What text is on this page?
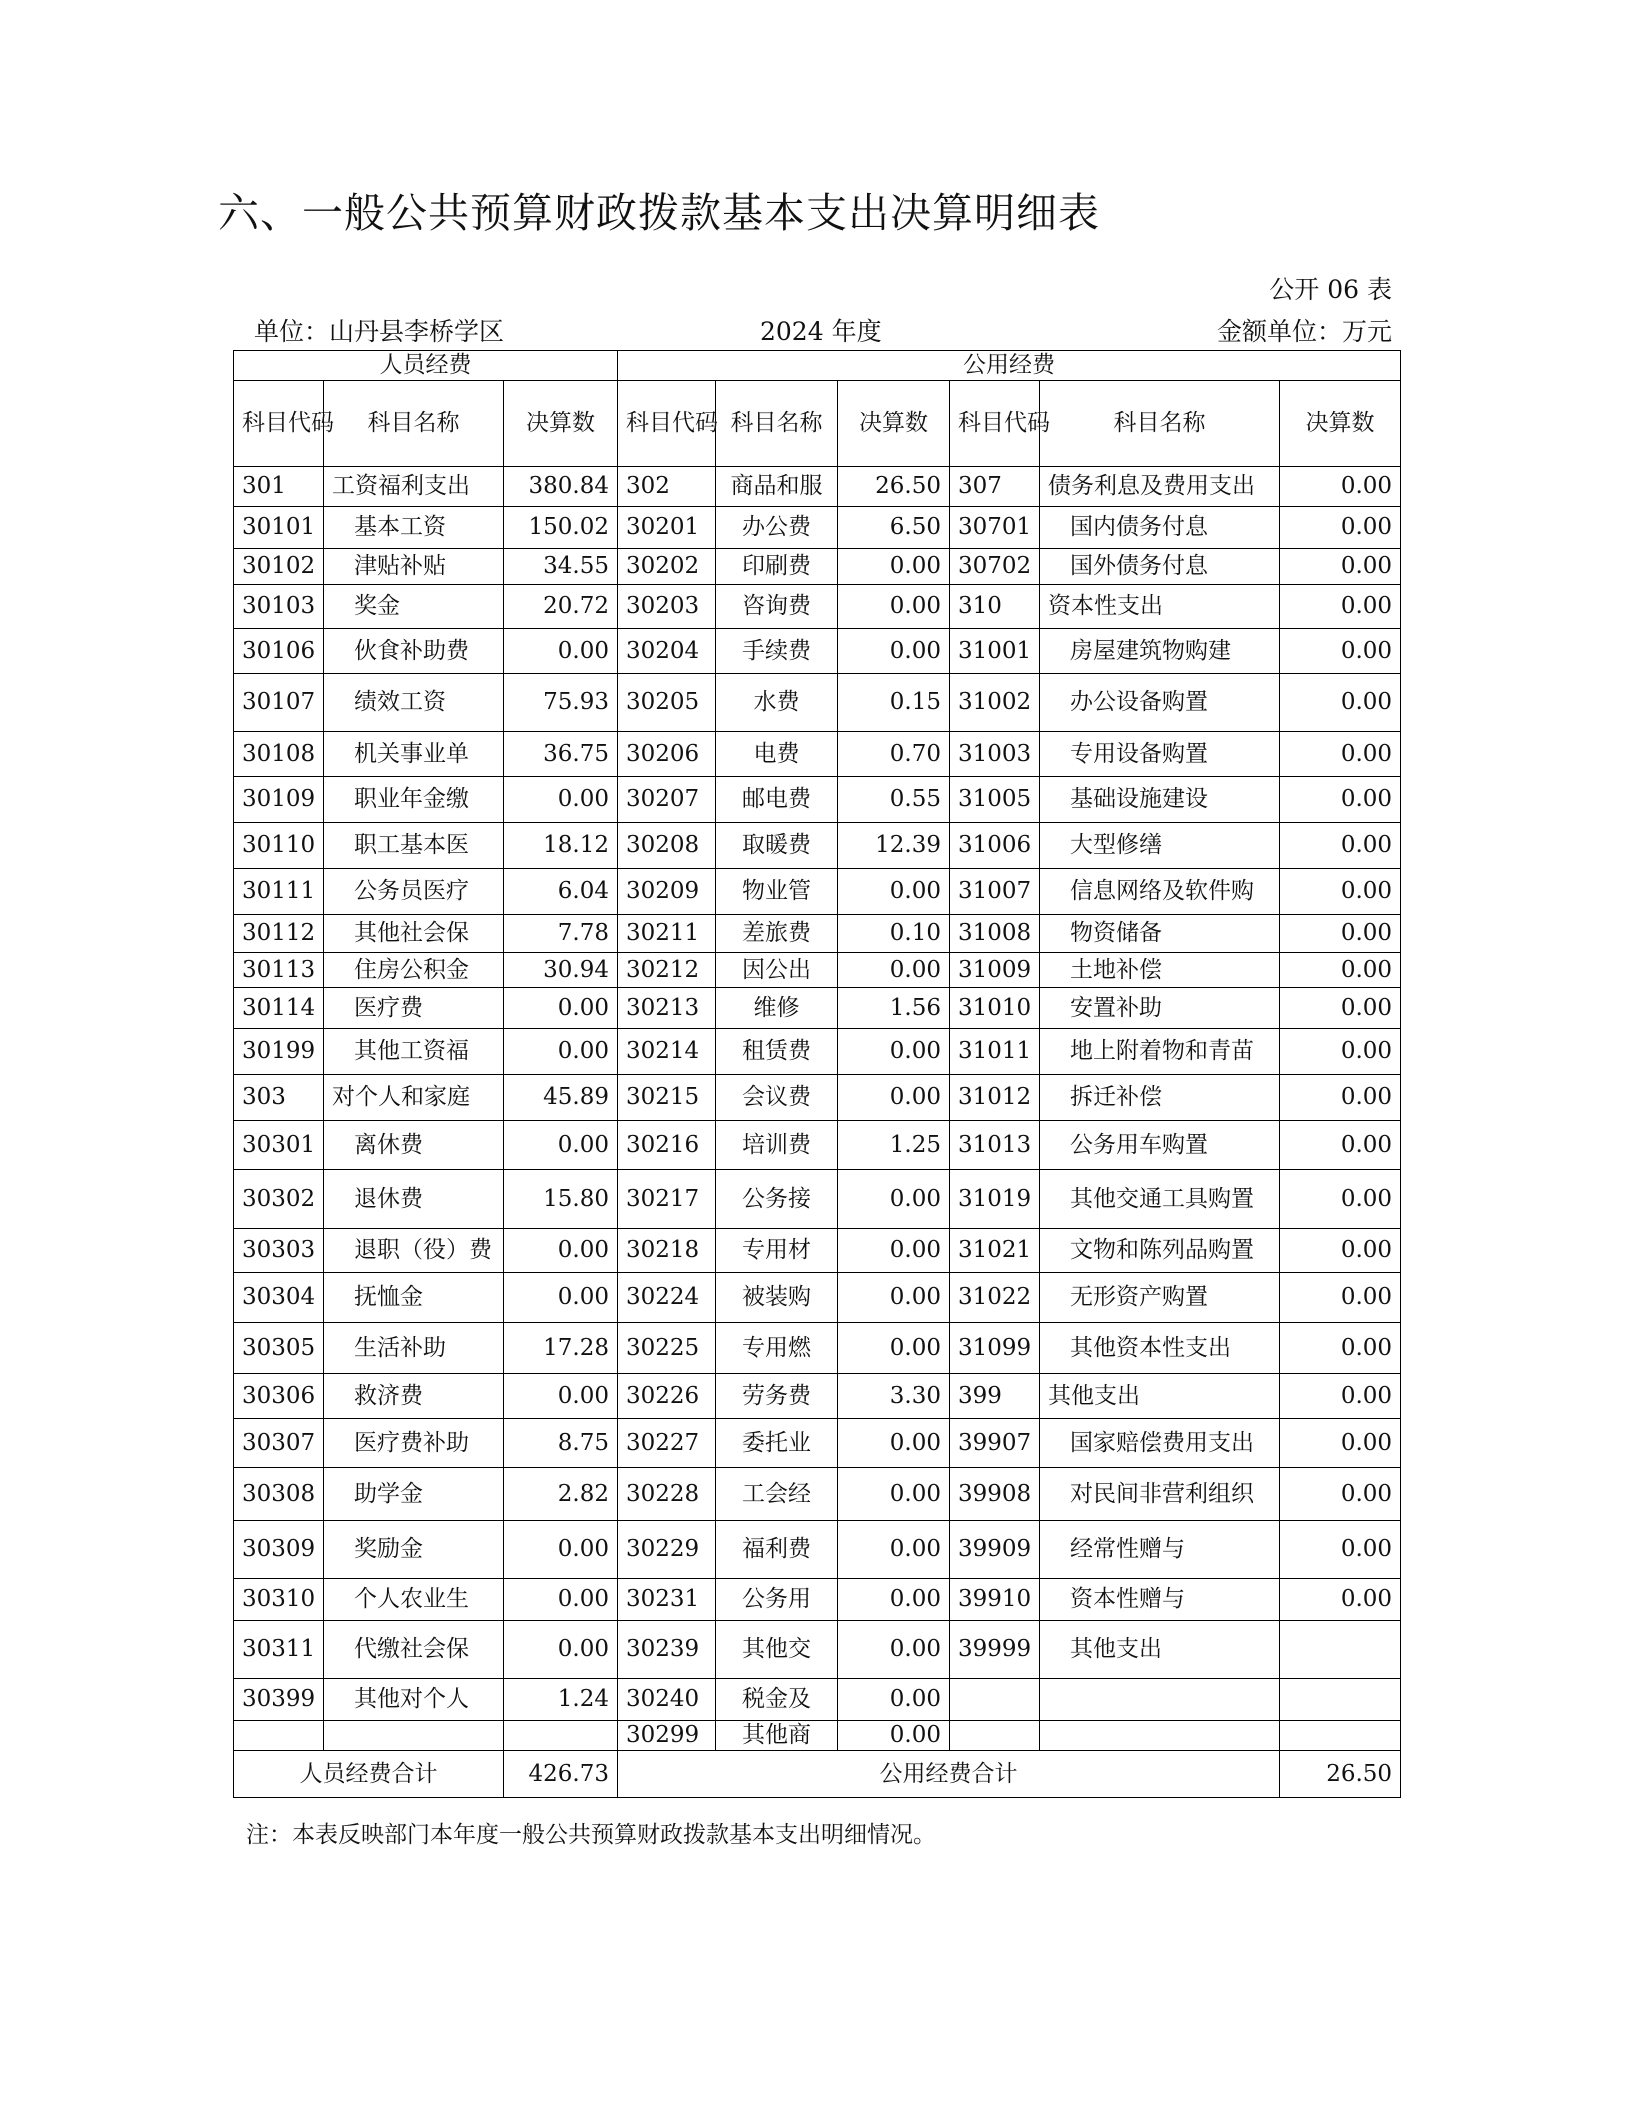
六、一般公共预算财政拨款基本支出决算明细表
公开 06 表
单位：山丹县李桥学区	2024 年度	金额单位：万元
人员经费			公用经费					
科目代码	科目名称	决算数	科目代码	科目名称	决算数	科目代码	科目名称	决算数
301	工资福利支出	380.84	302	商品和服	26.50	307	债务利息及费用支出	0.00
30101	基本工资	150.02	30201	办公费	6.50	30701	国内债务付息	0.00
30102	津贴补贴	34.55	30202	印刷费	0.00	30702	国外债务付息	0.00
30103	奖金	20.72	30203	咨询费	0.00	310	资本性支出	0.00
30106	伙食补助费	0.00	30204	手续费	0.00	31001	房屋建筑物购建	0.00
30107	绩效工资	75.93	30205	水费	0.15	31002	办公设备购置	0.00
30108	机关事业单	36.75	30206	电费	0.70	31003	专用设备购置	0.00
30109	职业年金缴	0.00	30207	邮电费	0.55	31005	基础设施建设	0.00
30110	职工基本医	18.12	30208	取暖费	12.39	31006	大型修缮	0.00
30111	公务员医疗	6.04	30209	物业管	0.00	31007	信息网络及软件购	0.00
30112	其他社会保	7.78	30211	差旅费	0.10	31008	物资储备	0.00
30113	住房公积金	30.94	30212	因公出	0.00	31009	土地补偿	0.00
30114	医疗费	0.00	30213	维修	1.56	31010	安置补助	0.00
30199	其他工资福	0.00	30214	租赁费	0.00	31011	地上附着物和青苗	0.00
303	对个人和家庭	45.89	30215	会议费	0.00	31012	拆迁补偿	0.00
30301	离休费	0.00	30216	培训费	1.25	31013	公务用车购置	0.00
30302	退休费	15.80	30217	公务接	0.00	31019	其他交通工具购置	0.00
30303	退职（役）费	0.00	30218	专用材	0.00	31021	文物和陈列品购置	0.00
30304	抚恤金	0.00	30224	被装购	0.00	31022	无形资产购置	0.00
30305	生活补助	17.28	30225	专用燃	0.00	31099	其他资本性支出	0.00
30306	救济费	0.00	30226	劳务费	3.30	399	其他支出	0.00
30307	医疗费补助	8.75	30227	委托业	0.00	39907	国家赔偿费用支出	0.00
30308	助学金	2.82	30228	工会经	0.00	39908	对民间非营利组织	0.00
30309	奖励金	0.00	30229	福利费	0.00	39909	经常性赠与	0.00
30310	个人农业生	0.00	30231	公务用	0.00	39910	资本性赠与	0.00
30311	代缴社会保	0.00	30239	其他交	0.00	39999	其他支出	
30399	其他对个人	1.24	30240	税金及	0.00			
			30299	其他商	0.00			
人员经费合计		426.73	公用经费合计					26.50
注：本表反映部门本年度一般公共预算财政拨款基本支出明细情况。
